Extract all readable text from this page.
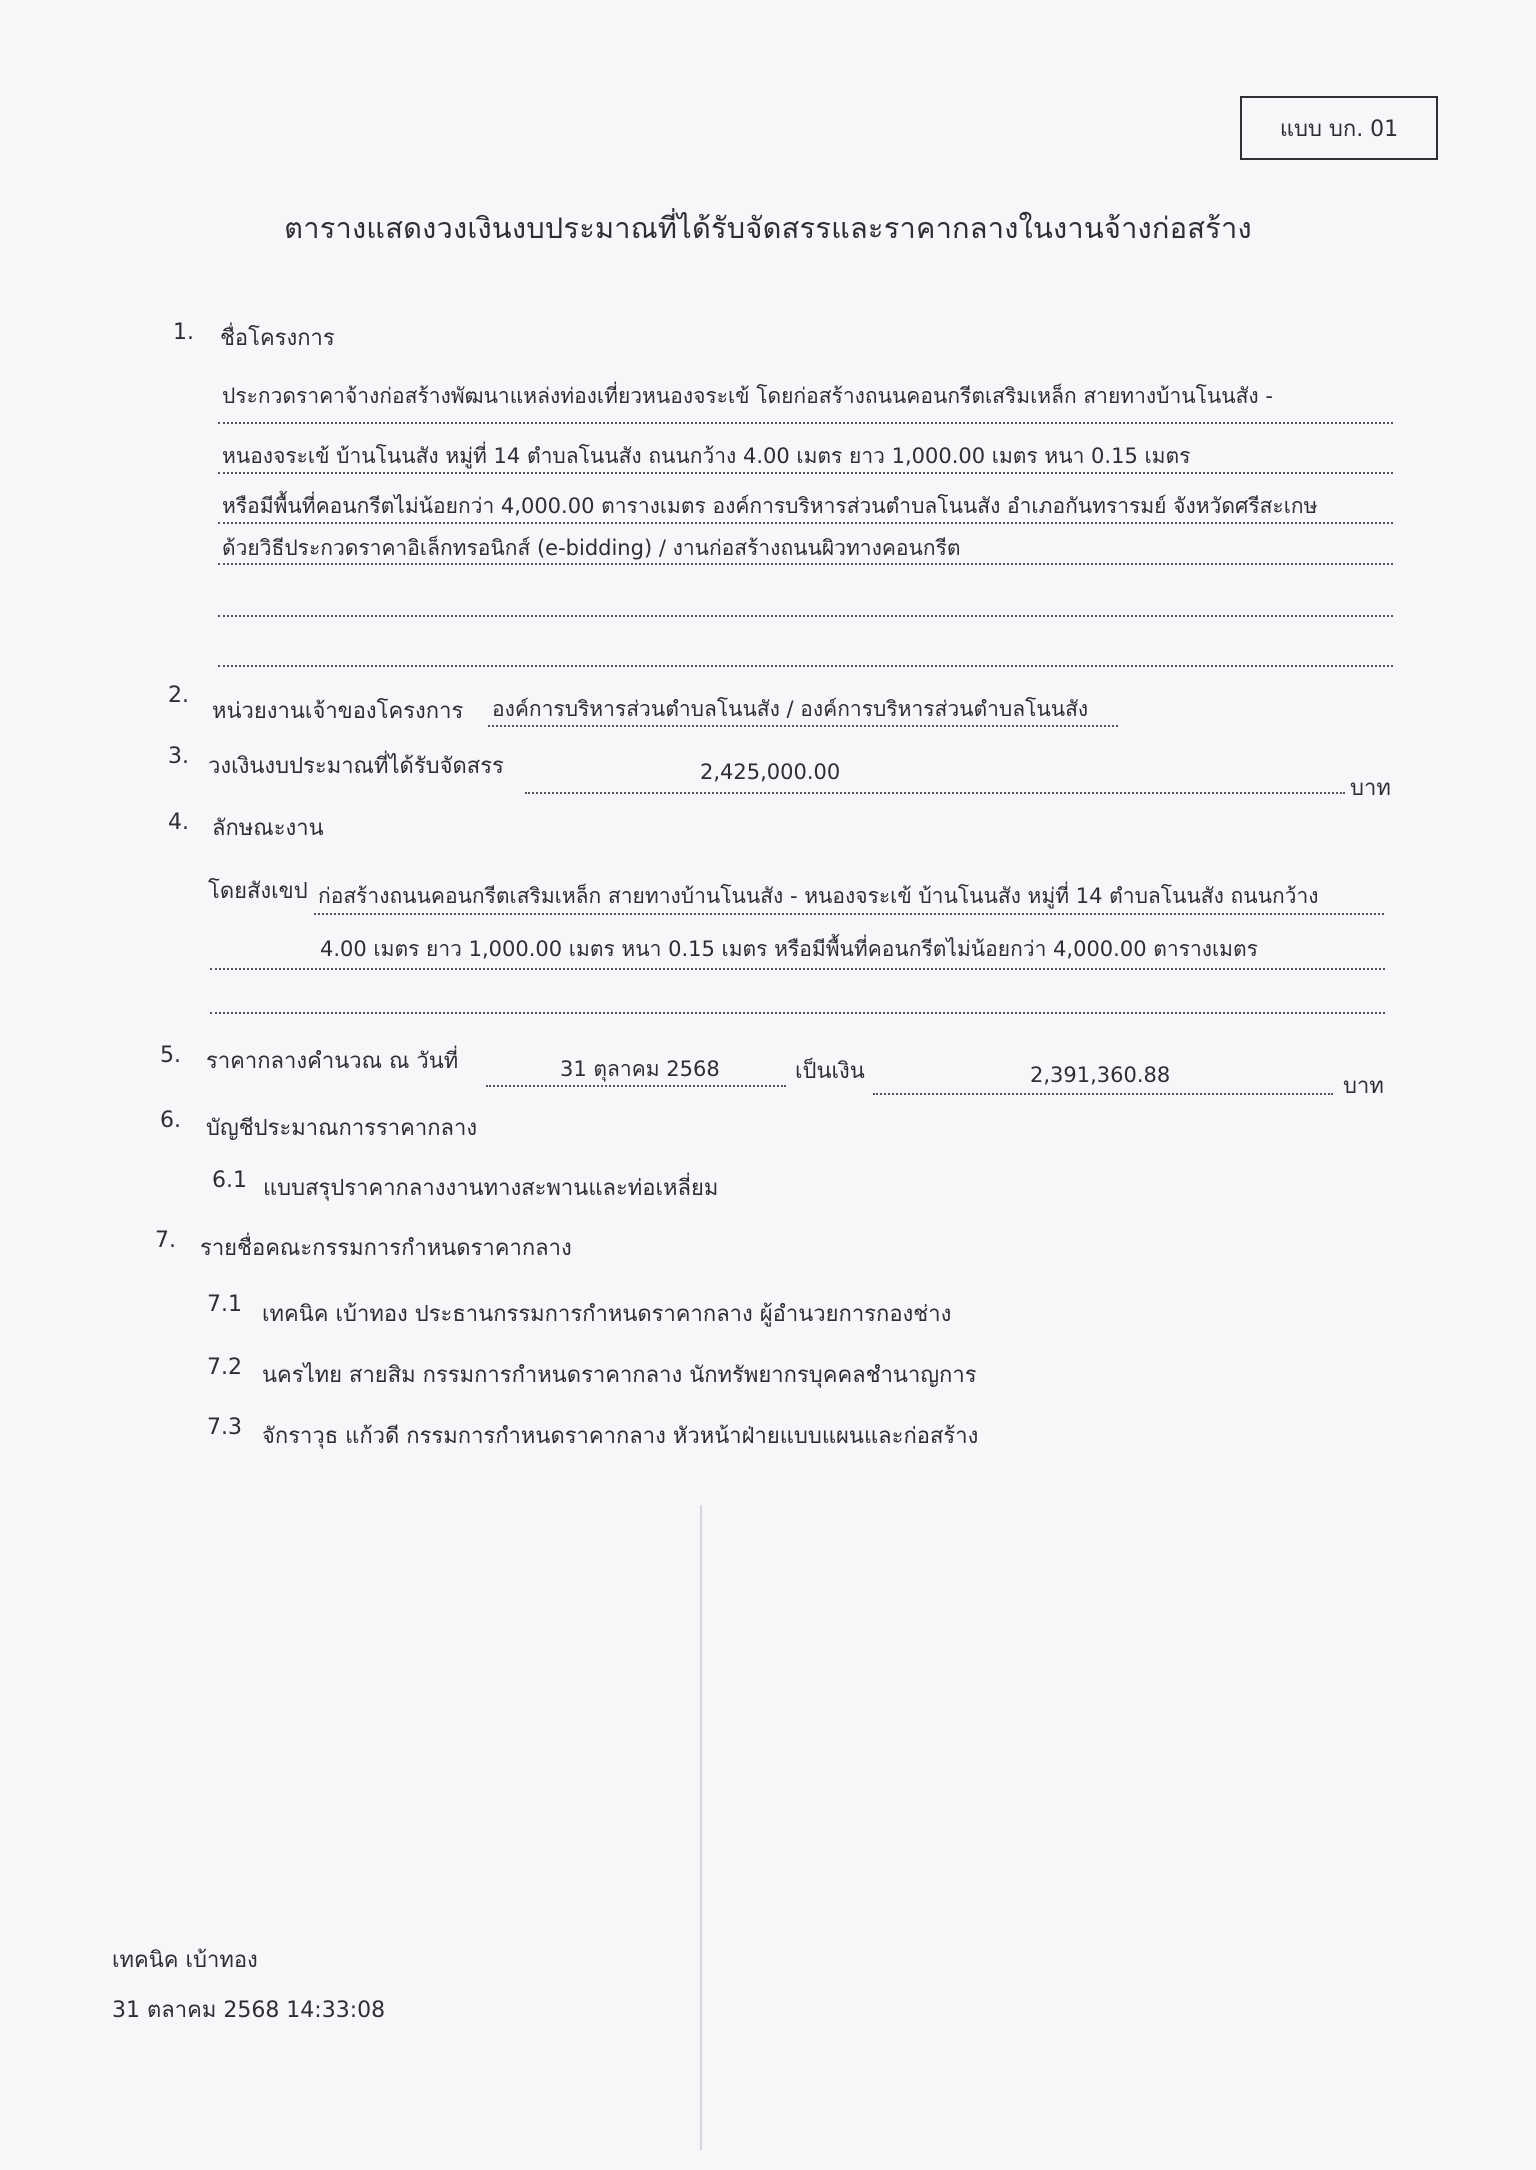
แบบ บก. 01
ตารางแสดงวงเงินงบประมาณที่ได้รับจัดสรรและราคากลางในงานจ้างก่อสร้าง
1. ชื่อโครงการ
ประกวดราคาจ้างก่อสร้างพัฒนาแหล่งท่องเที่ยวหนองจระเข้ โดยก่อสร้างถนนคอนกรีตเสริมเหล็ก สายทางบ้านโนนสัง -
หนองจระเข้ บ้านโนนสัง หมู่ที่ 14 ตำบลโนนสัง ถนนกว้าง 4.00 เมตร ยาว 1,000.00 เมตร หนา 0.15 เมตร
หรือมีพื้นที่คอนกรีตไม่น้อยกว่า 4,000.00 ตารางเมตร องค์การบริหารส่วนตำบลโนนสัง อำเภอกันทรารมย์ จังหวัดศรีสะเกษ
ด้วยวิธีประกวดราคาอิเล็กทรอนิกส์ (e-bidding) / งานก่อสร้างถนนผิวทางคอนกรีต
2.
หน่วยงานเจ้าของโครงการ องค์การบริหารส่วนตำบลโนนสัง / องค์การบริหารส่วนตำบลโนนสัง
3. วงเงินงบประมาณที่ได้รับจัดสรร	2,425,000.00
บาท
4. ลักษณะงาน
โดยสังเขป ก่อสร้างถนนคอนกรีตเสริมเหล็ก สายทางบ้านโนนสัง - หนองจระเข้ บ้านโนนสัง หมู่ที่ 14 ตำบลโนนสัง ถนนกว้าง
4.00 เมตร ยาว 1,000.00 เมตร หนา 0.15 เมตร หรือมีพื้นที่คอนกรีตไม่น้อยกว่า 4,000.00 ตารางเมตร
5. ราคากลางคำนวณ ณ วันที่	31 ตุลาคม 2568	เป็นเงิน	2,391,360.88	บาท
6. บัญชีประมาณการราคากลาง
6.1 แบบสรุปราคากลางงานทางสะพานและท่อเหลี่ยม
7. รายชื่อคณะกรรมการกำหนดราคากลาง
7.1 เทคนิค เบ้าทอง ประธานกรรมการกำหนดราคากลาง ผู้อำนวยการกองช่าง
7.2 นครไทย สายสิม กรรมการกำหนดราคากลาง นักทรัพยากรบุคคลชำนาญการ
7.3 จักราวุธ แก้วดี กรรมการกำหนดราคากลาง หัวหน้าฝ่ายแบบแผนและก่อสร้าง
เทคนิค เบ้าทอง
31 ตลาคม 2568 14:33:08
